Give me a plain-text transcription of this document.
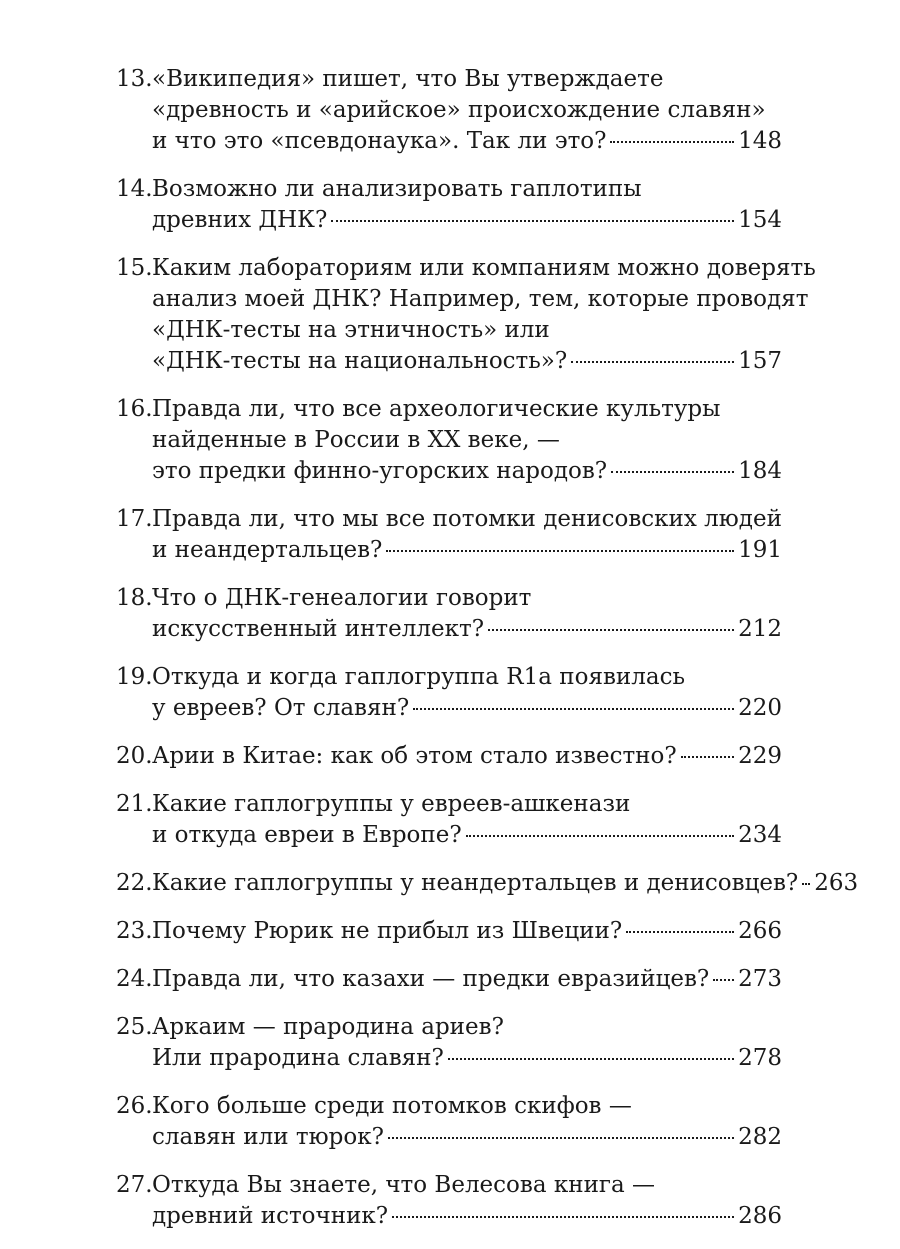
13. «Википедия» пишет, что Вы утверждаете
«древность и «арийское» происхождение славян»
и что это «псевдонаука». Так ли это?	148
14. Возможно ли анализировать гаплотипы
древних ДНК?	154
15. Каким лабораториям или компаниям можно доверять
анализ моей ДНК? Например, тем, которые проводят
«ДНК-тесты на этничность» или
«ДНК-тесты на национальность»?	157
16. Правда ли, что все археологические культуры
найденные в России в XX веке, —
это предки финно-угорских народов?	184
17. Правда ли, что мы все потомки денисовских людей
и неандертальцев?	191
18. Что о ДНК-генеалогии говорит
искусственный интеллект?	212
19. Откуда и когда гаплогруппа R1a появилась
у евреев? От славян?	220
20. Арии в Китае: как об этом стало известно?	229
21. Какие гаплогруппы у евреев-ашкенази
и откуда евреи в Европе?	234
22. Какие гаплогруппы у неандертальцев и денисовцев? 263
23. Почему Рюрик не прибыл из Швеции?	266
24. Правда ли, что казахи — предки евразийцев? 273
25. Аркаим — прародина ариев?
Или прародина славян?	278
26. Кого больше среди потомков скифов —
славян или тюрок?	282
27. Откуда Вы знаете, что Велесова книга —
древний источник?	286
